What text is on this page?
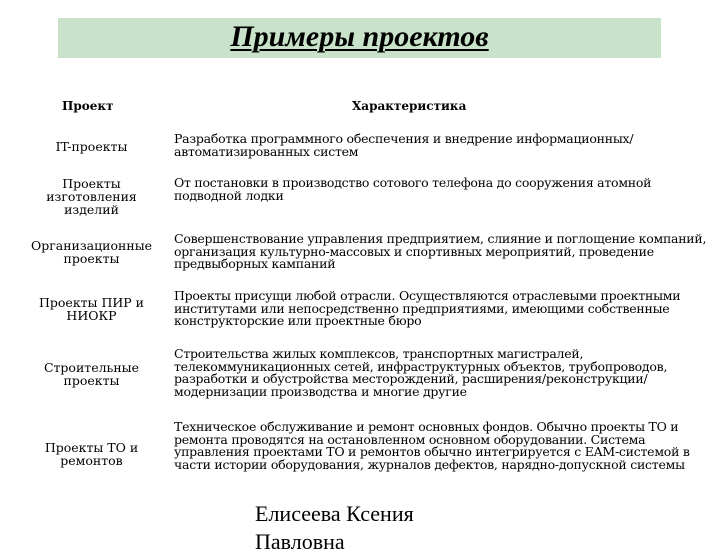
Примеры проектов
Проект	Характеристика
IT-проекты
Разработка программного обеспечения и внедрение информационных/автоматизированных систем
Проекты изготовления изделий
От постановки в производство сотового телефона до сооружения атомной подводной лодки
Организационные проекты
Совершенствование управления предприятием, слияние и поглощение компаний, организация культурно-массовых и спортивных мероприятий, проведение предвыборных кампаний
Проекты ПИР и НИОКР
Проекты присущи любой отрасли. Осуществляются отраслевыми проектными институтами или непосредственно предприятиями, имеющими собственные конструкторские или проектные бюро
Строительные проекты
Строительства жилых комплексов, транспортных магистралей, телекоммуникационных сетей, инфраструктурных объектов, трубопроводов, разработки и обустройства месторождений, расширения/реконструкции/модернизации производства и многие другие
Проекты ТО и ремонтов
Техническое обслуживание и ремонт основных фондов. Обычно проекты ТО и ремонта проводятся на остановленном основном оборудовании. Система управления проектами ТО и ремонтов обычно интегрируется с EAM-системой в части истории оборудования, журналов дефектов, нарядно-допускной системы
Елисеева Ксения
Павловна
